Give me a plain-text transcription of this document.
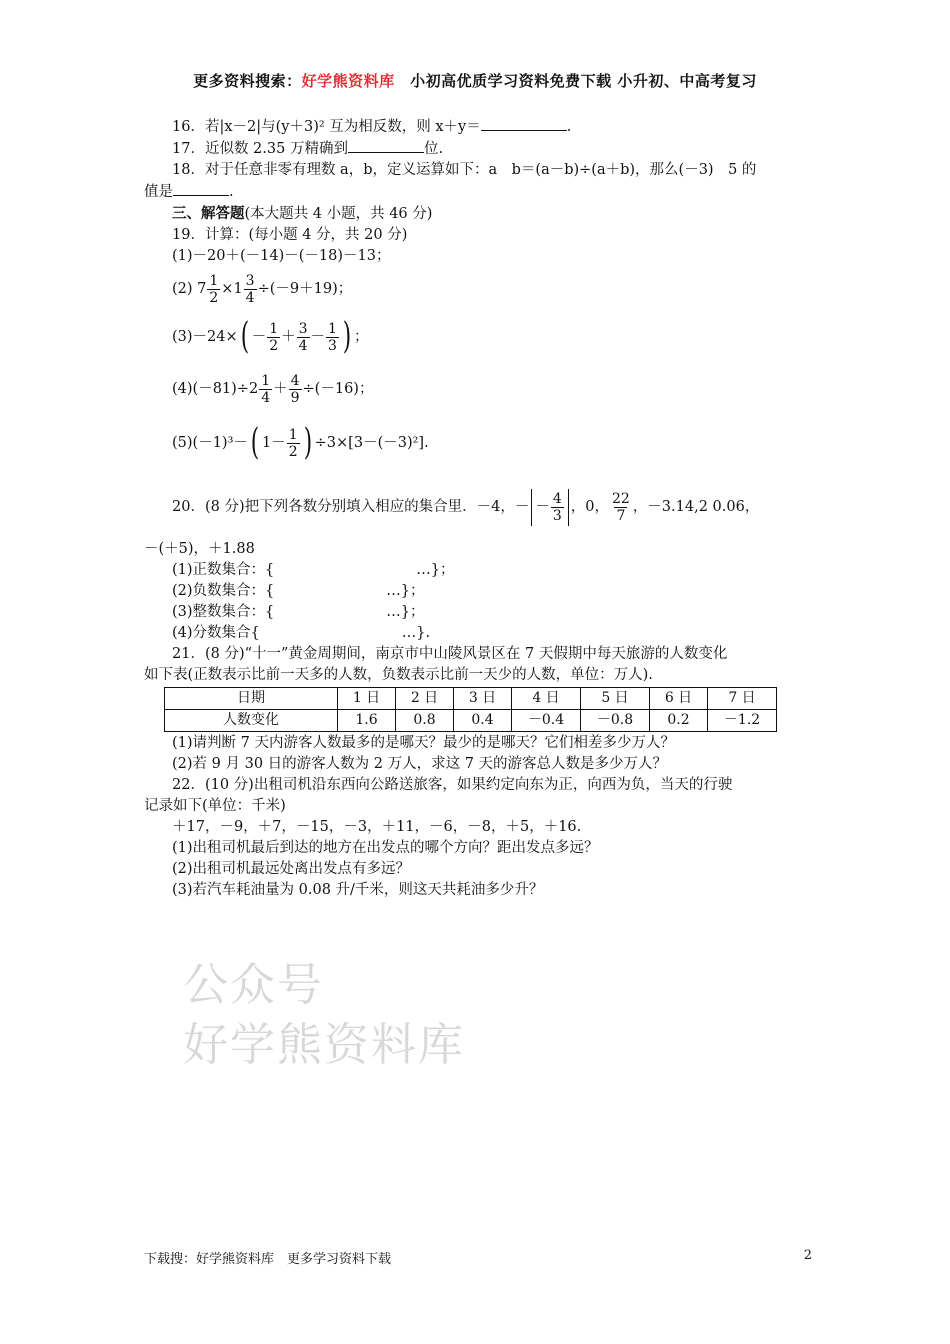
更多资料搜索：好学熊资料库　小初高优质学习资料免费下载 小升初、中高考复习
16．若|x－2|与(y＋3)² 互为相反数，则 x＋y＝	.
17．近似数 2.35 万精确到	位.
18．对于任意非零有理数 a，b，定义运算如下：a　b＝(a－b)÷(a＋b)，那么(－3)　5 的
值是	.
三、解答题(本大题共 4 小题，共 46 分)
19．计算：(每小题 4 分，共 20 分)
(1)－20＋(－14)－(－18)－13；
(2) $7 \frac{1}{2} \times 1 \frac{3}{4} \div(-9+19)$；
(3)－24× ( － $\frac{1}{2} + \frac{3}{4} - \frac{1}{3}$ ) ；
$(4)(-81)\div 2 \frac{1}{4} + \frac{4}{9} \div(-16)$；
(5)(－1)³－ ( $1- \frac{1}{2}$ ) ÷3×[3－(－3)²].
20．(8 分)把下列各数分别填入相应的集合里．－4，－ － $\frac{4}{3}$ ，0， $\frac{22}{7}$ ，－3.14,2 0.06，
－(＋5)，＋1.88
(1)正数集合：{	…}；
(2)负数集合：{	…}；
(3)整数集合：{	…}；
(4)分数集合{	…}.
21．(8 分)“十一”黄金周期间，南京市中山陵风景区在 7 天假期中每天旅游的人数变化
如下表(正数表示比前一天多的人数，负数表示比前一天少的人数，单位：万人).
日期	1 日	2 日	3 日	4 日	5 日	6 日	7 日
人数变化	1.6	0.8	0.4	－0.4	－0.8	0.2	－1.2
(1)请判断 7 天内游客人数最多的是哪天？最少的是哪天？它们相差多少万人？
(2)若 9 月 30 日的游客人数为 2 万人，求这 7 天的游客总人数是多少万人？
22．(10 分)出租司机沿东西向公路送旅客，如果约定向东为正，向西为负，当天的行驶
记录如下(单位：千米)
＋17，－9，＋7，－15，－3，＋11，－6，－8，＋5，＋16.
(1)出租司机最后到达的地方在出发点的哪个方向？距出发点多远？
(2)出租司机最远处离出发点有多远？
(3)若汽车耗油量为 0.08 升/千米，则这天共耗油多少升？
公众号
好学熊资料库
下载搜：好学熊资料库　更多学习资料下载	2
